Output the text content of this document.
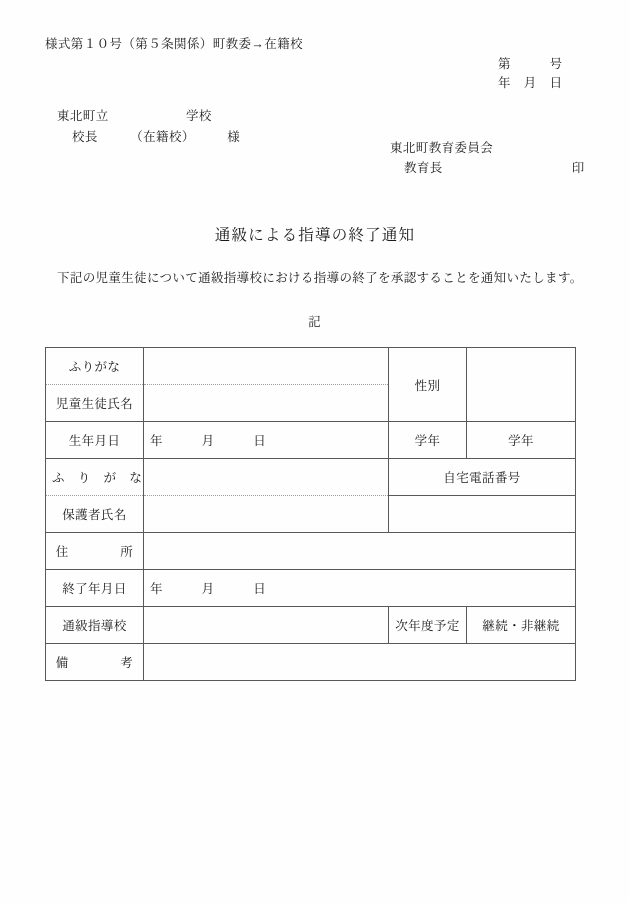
様式第１０号（第５条関係）町教委→在籍校
第　　　号
年　月　日
東北町立　　　　　　学校
校長　　　（在籍校）　　　様
東北町教育委員会
教育長　　　　　　　　　　印
通級による指導の終了通知
下記の児童生徒について通級指導校における指導の終了を承認することを通知いたします。
記
ふりがな		性別	
児童生徒氏名			
生年月日	年　　　月　　　日	学年	学年
ふ　り　が　な		自宅電話番号	
保護者氏名			
住　　　　所			
終了年月日	年　　　月　　　日		
通級指導校		次年度予定	継続・非継続
備　　　　考			
